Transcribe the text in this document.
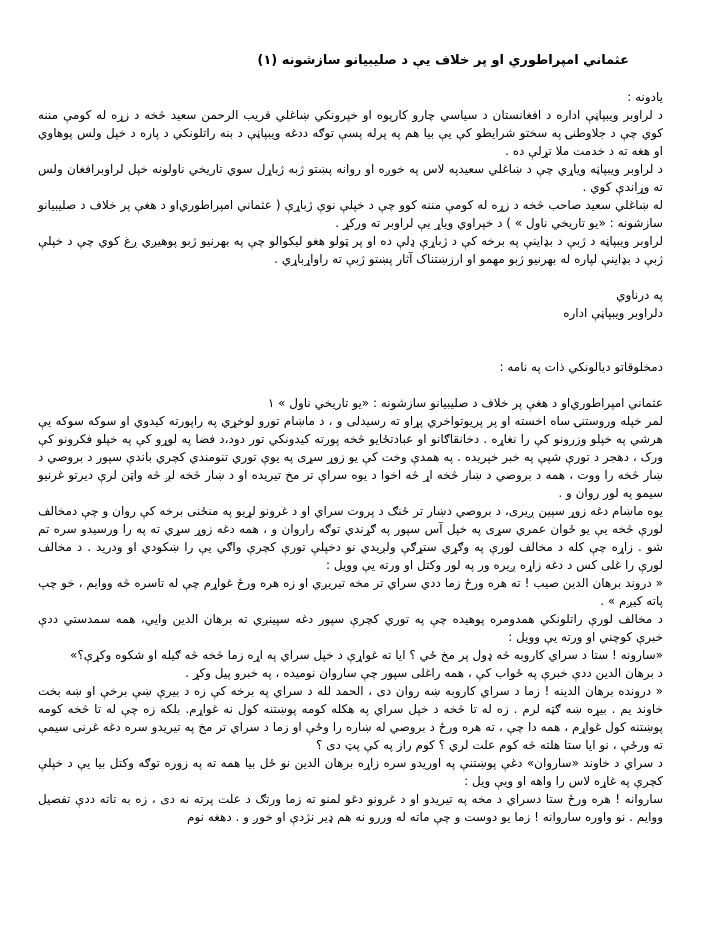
عثماني امپراطوري او پر خلاف يې د صليبيانو سازشونه (١)

يادونه :

د لراوبر ويبپاڼې اداره د افغانستان د سياسي چارو کارپوه او خپرونکي ښاغلي قريب الرحمن سعيد څخه د زړه له کومې مننه کوي چې د جلاوطنۍ په سختو شرايطو کې يې بيا هم په پرله پسې توګه ددغه ويبپاڼې د بنه راتلونکي د پاره د خپل ولس پوهاوي او هغه ته د خدمت ملا تړلې ده .

د لراوبر ويبپاڼه وياړي چې د ښاغلي سعيدپه لاس په خوږه او روانه پښتو ژبه ژباړل سوي تاريخي ناولونه خپل لراوبرافغان ولس ته وړاندې کوي .

له ښاغلي سعيد صاحب څخه د زړه له کومې مننه کوو چې د خپلې نوې ژباړې ( عثماني امپراطوري‌او د هغې پر خلاف د صليبيانو سازشونه : «يو تاريخي ناول » ) د خپراوي وياړ يې لراوبر ته ورکړ .

لراوبر ويبپاڼه د ژبې د بډاينې په برخه کې د ژباړې ډلې ده او پر ټولو هغو ليکوالو چې په بهرنيو ژبو پوهيږي ږغ کوي چې د خپلې ژبې د بډاينې لپاره له بهرنيو ژبو مهمو او ارزښتناک آثار پښتو ژبې ته راواړباړي .

په درناوي

دلراوبر ويبپاڼې اداره

دمخلوقاتو ديالونکي ذات په نامه :

عثماني امپراطوري‌او د هغې پر خلاف د صليبيانو سازشونه : «يو تاريخي ناول » ١

لمر خپله وروستنۍ ساه اخسته او پر پريوتواخري پړاو ته رسيدلی و ، د ماښام تورو لوخړي په راپورته کيدوي او سوکه سوکه يې هرشي په خپلو وزرونو کې را نغاړه . دخانقاګانو او عبادتځايو څخه پورته کيدونکي تور دود،د فضا په لوړو کې په خپلو فکرونو کې ورک ، دهجر د تورې شپې په خبر خپريده . په همدې وخت کې يو زوړ سړی په يوې توري تنومندي کچري باندې سپور د بروصي د ښار څخه را ووت ، همه د بروصي د ښار څخه اړ څه اخوا د يوه سراې تر مخ تيريده او د ښار څخه لږ څه واټن لرې ديرتو غرنيو سيمو په لور روان و .

يوه ماښام دغه زوړ سپين ږيری، د بروصي دښار تر ځنګ د پروت سراي او د غرونو لړيو په منځنی برخه کې روان و چې دمخالف لورې څخه يې يو ځوان عمري سړی په خپل آس سپور په ګړندي توګه راروان و ، همه دغه زوړ سړي ته په را ورسيدو سره تم شو . زاړه چې کله د مخالف لورې په وګړي ستړګې ولږيدي نو دخپلې تورې کچرې واګي يې را ښکودي او ودريد . د مخالف لورې را غلی کس د دغه زاړه ږيره ور په لور وکتل او ورته يې وويل :

« دروند برهان الدين صيب ! ته هره ورځ زما ددي سراي تر مخه تيريږي او زه هره ورځ غواړم چې له تاسره څه ووايم ، خو چپ پاته کيږم » .

د مخالف لورې راتلونکي همدومره پوهيده چې په توري کچرې سپور دغه سپينږي ته برهان الدين وايي، همه سمدستي ددې خبرې کوچني او ورته يې وويل :

«سارونه ! ستا د سراي کاروبه څه ډول پر مخ ځي ؟ ايا ته غواړې د خپل سراي په اړه زما څخه څه ګيله او شکوه وکړې؟»

د برهان الدين ددې خبرې په ځواب کې ، همه راغلی سپور چې ساروان نوميده ، په خبرو پيل وکړ .

« درونده برهان الدينه ! زما د سراي کاروبه ښه روان دی ، الحمد لله د سراي په برخه کې زه د بيرې ښې برخې او ښه بخت خاوند يم . بيړه ښه ګټه لرم . زه له تا څخه د خپل سراي په هکله کومه پوښتنه کول نه غواړم. بلکه زه چې له تا څخه کومه پوښتنه کول غواړم ، همه دا چې ، ته هره ورځ د بروصي له ښاره را وځې او زما د سراي تر مخ په تيريدو سره دغه غرنی سيمې ته ورځې ، نو ايا ستا هلته څه کوم علت لري ؟ کوم راز په کې پټ دی ؟

د سراي د خاوند «ساروان» دغې پوښتنې په اوريدو سره زاړه برهان الدين نو ځل بيا همه ته په زوره توګه وکتل بيا يې د خپلې کچرې په غاړه لاس را واهه او ويې ويل :

ساروانه ! هره ورځ ستا دسراي د مخه په تيريدو او د غرونو دغو لمنو ته زما ورتګ د علت پرته نه دی ، زه به تاته ددې تفصيل ووايم . نو واوره ساروانه ! زما يو دوست و چې ماته له وررو نه هم ډير نژدې او خوږ و . دهغه نوم
